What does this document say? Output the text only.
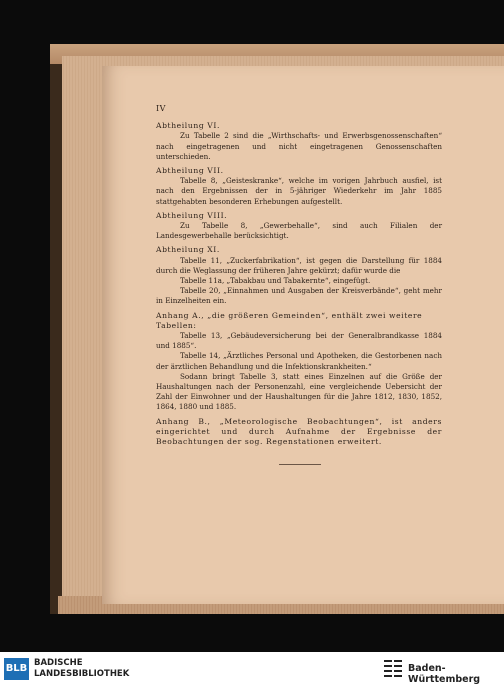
IV
Abtheilung VI.
Zu Tabelle 2 sind die „Wirthschafts- und Erwerbsgenossenschaften“ nach eingetragenen und nicht eingetragenen Genossenschaften unterschieden.
Abtheilung VII.
Tabelle 8, „Geisteskranke“, welche im vorigen Jahrbuch ausfiel, ist nach den Ergebnissen der in 5-jähriger Wiederkehr im Jahr 1885 stattgehabten besonderen Erhebungen aufgestellt.
Abtheilung VIII.
Zu Tabelle 8, „Gewerbehalle“, sind auch Filialen der Landesgewerbehalle berücksichtigt.
Abtheilung XI.
Tabelle 11, „Zuckerfabrikation“, ist gegen die Darstellung für 1884 durch die Weglassung der früheren Jahre gekürzt; dafür wurde die
Tabelle 11a, „Tabakbau und Tabakernte“, eingefügt.
Tabelle 20, „Einnahmen und Ausgaben der Kreisverbände“, geht mehr in Einzelheiten ein.
Anhang A., „die größeren Gemeinden“, enthält zwei weitere Tabellen:
Tabelle 13, „Gebäudeversicherung bei der Generalbrandkasse 1884 und 1885“.
Tabelle 14, „Ärztliches Personal und Apotheken, die Gestorbenen nach der ärztlichen Behandlung und die Infektionskrankheiten.“
Sodann bringt Tabelle 3, statt eines Einzelnen auf die Größe der Haushaltungen nach der Personenzahl, eine vergleichende Uebersicht der Zahl der Einwohner und der Haushaltungen für die Jahre 1812, 1830, 1852, 1864, 1880 und 1885.
Anhang B., „Meteorologische Beobachtungen“, ist anders eingerichtet und durch Aufnahme der Ergebnisse der Beobachtungen der sog. Regenstationen erweitert.
BLB BADISCHE
LANDESBIBLIOTHEK	Baden-Württemberg
